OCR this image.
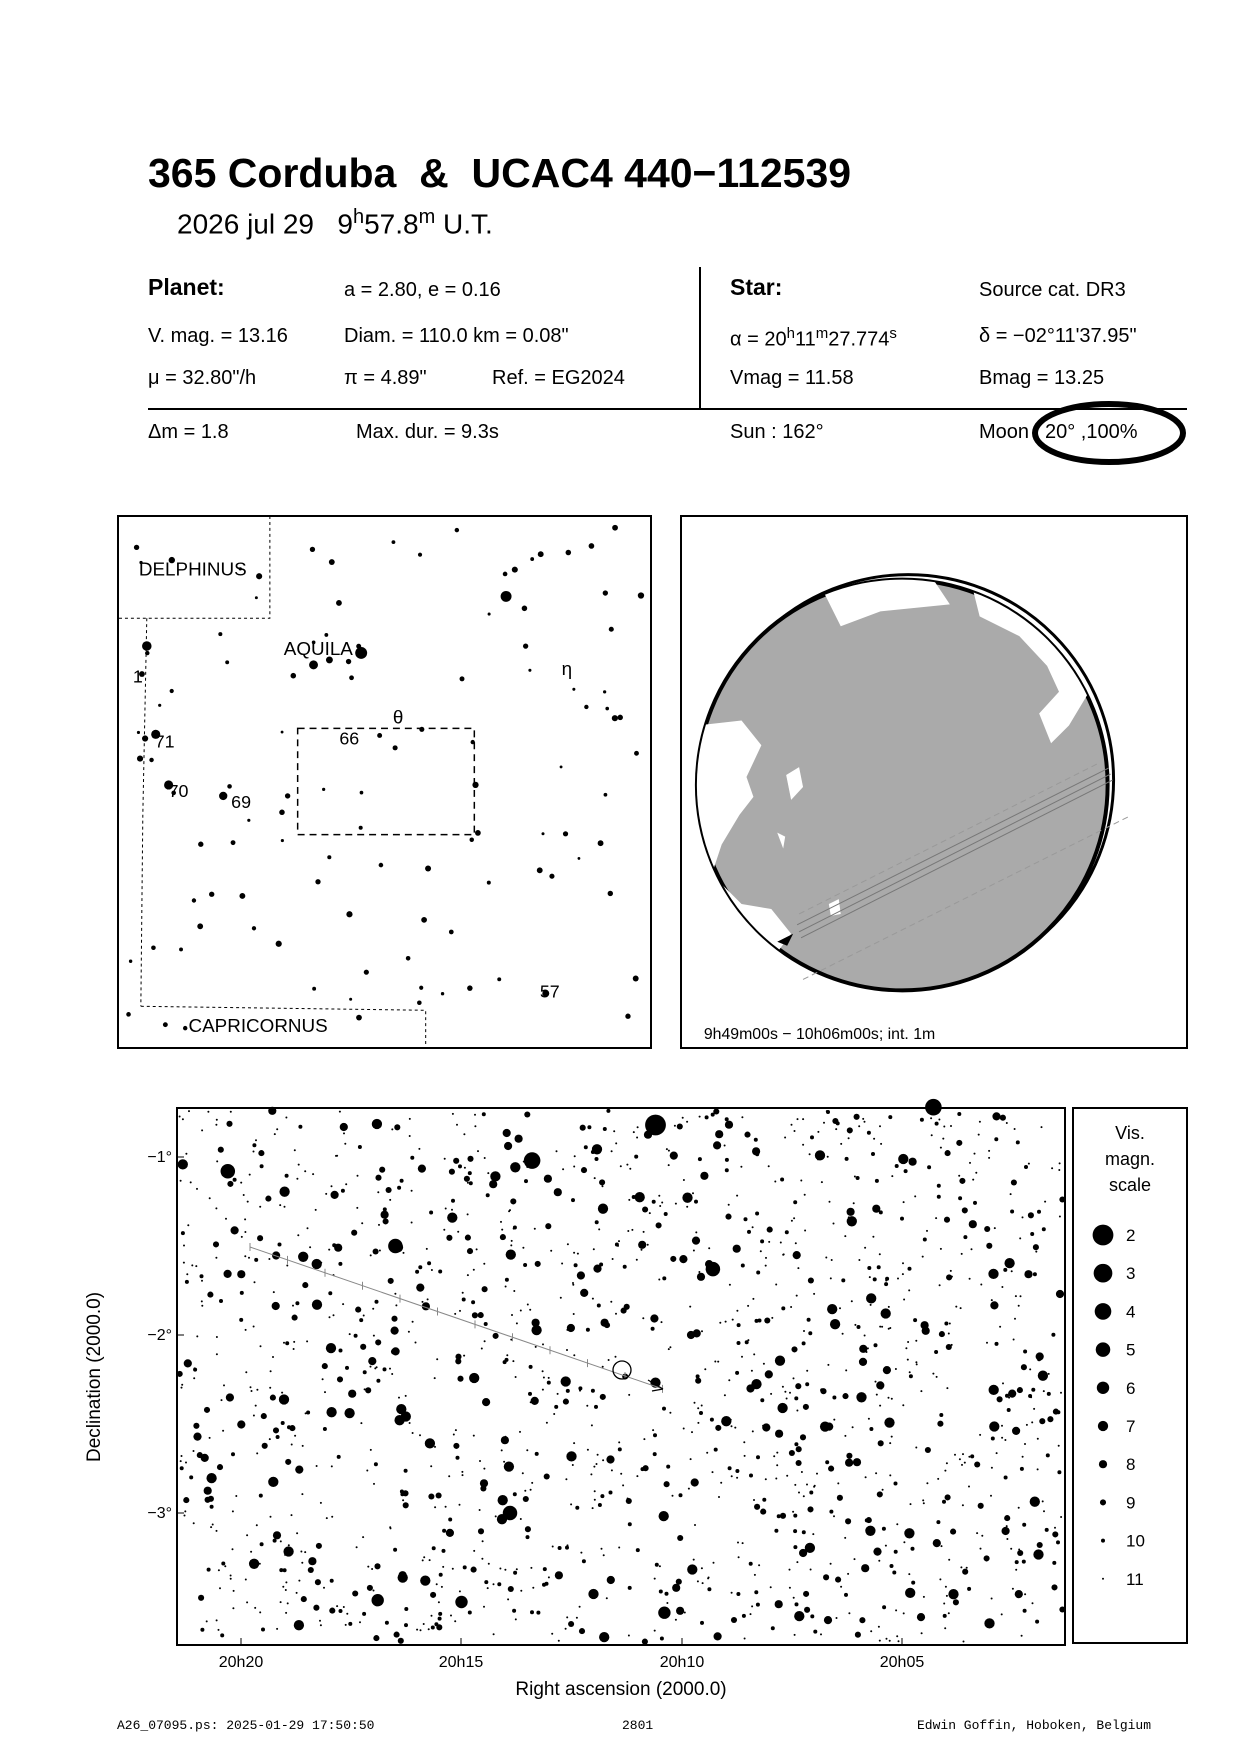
365 Corduba  &  UCAC4 440−112539
2026 jul 29 9$^h$57.8$^m$ U.T.
Planet:	a = 2.80, e = 0.16
V. mag. = 13.16	Diam. = 110.0 km = 0.08"
μ = 32.80"/h	π = 4.89"	Ref. = EG2024
Star:	Source cat. DR3
$\alpha = 20^h11^m27.774^s$	δ = −02°11'37.95"
Vmag = 11.58	Bmag = 13.25
Δm = 1.8	Max. dur. = 9.3s	Sun : 162°	Moon 20° ,100%
DELPHINUS
AQUILA
CAPRICORNUS
η
θ
1
71
70
69
66
57
9h49m00s − 10h06m00s; int. 1m
20h20	20h15	20h10	20h05
−1°
−2°
−3°
Right ascension (2000.0)
Declination (2000.0)
Vis.
magn.
scale
2
3
4
5
6
7
8
9
10
11
A26_07095.ps: 2025-01-29 17:50:50	2801	Edwin Goffin, Hoboken, Belgium
